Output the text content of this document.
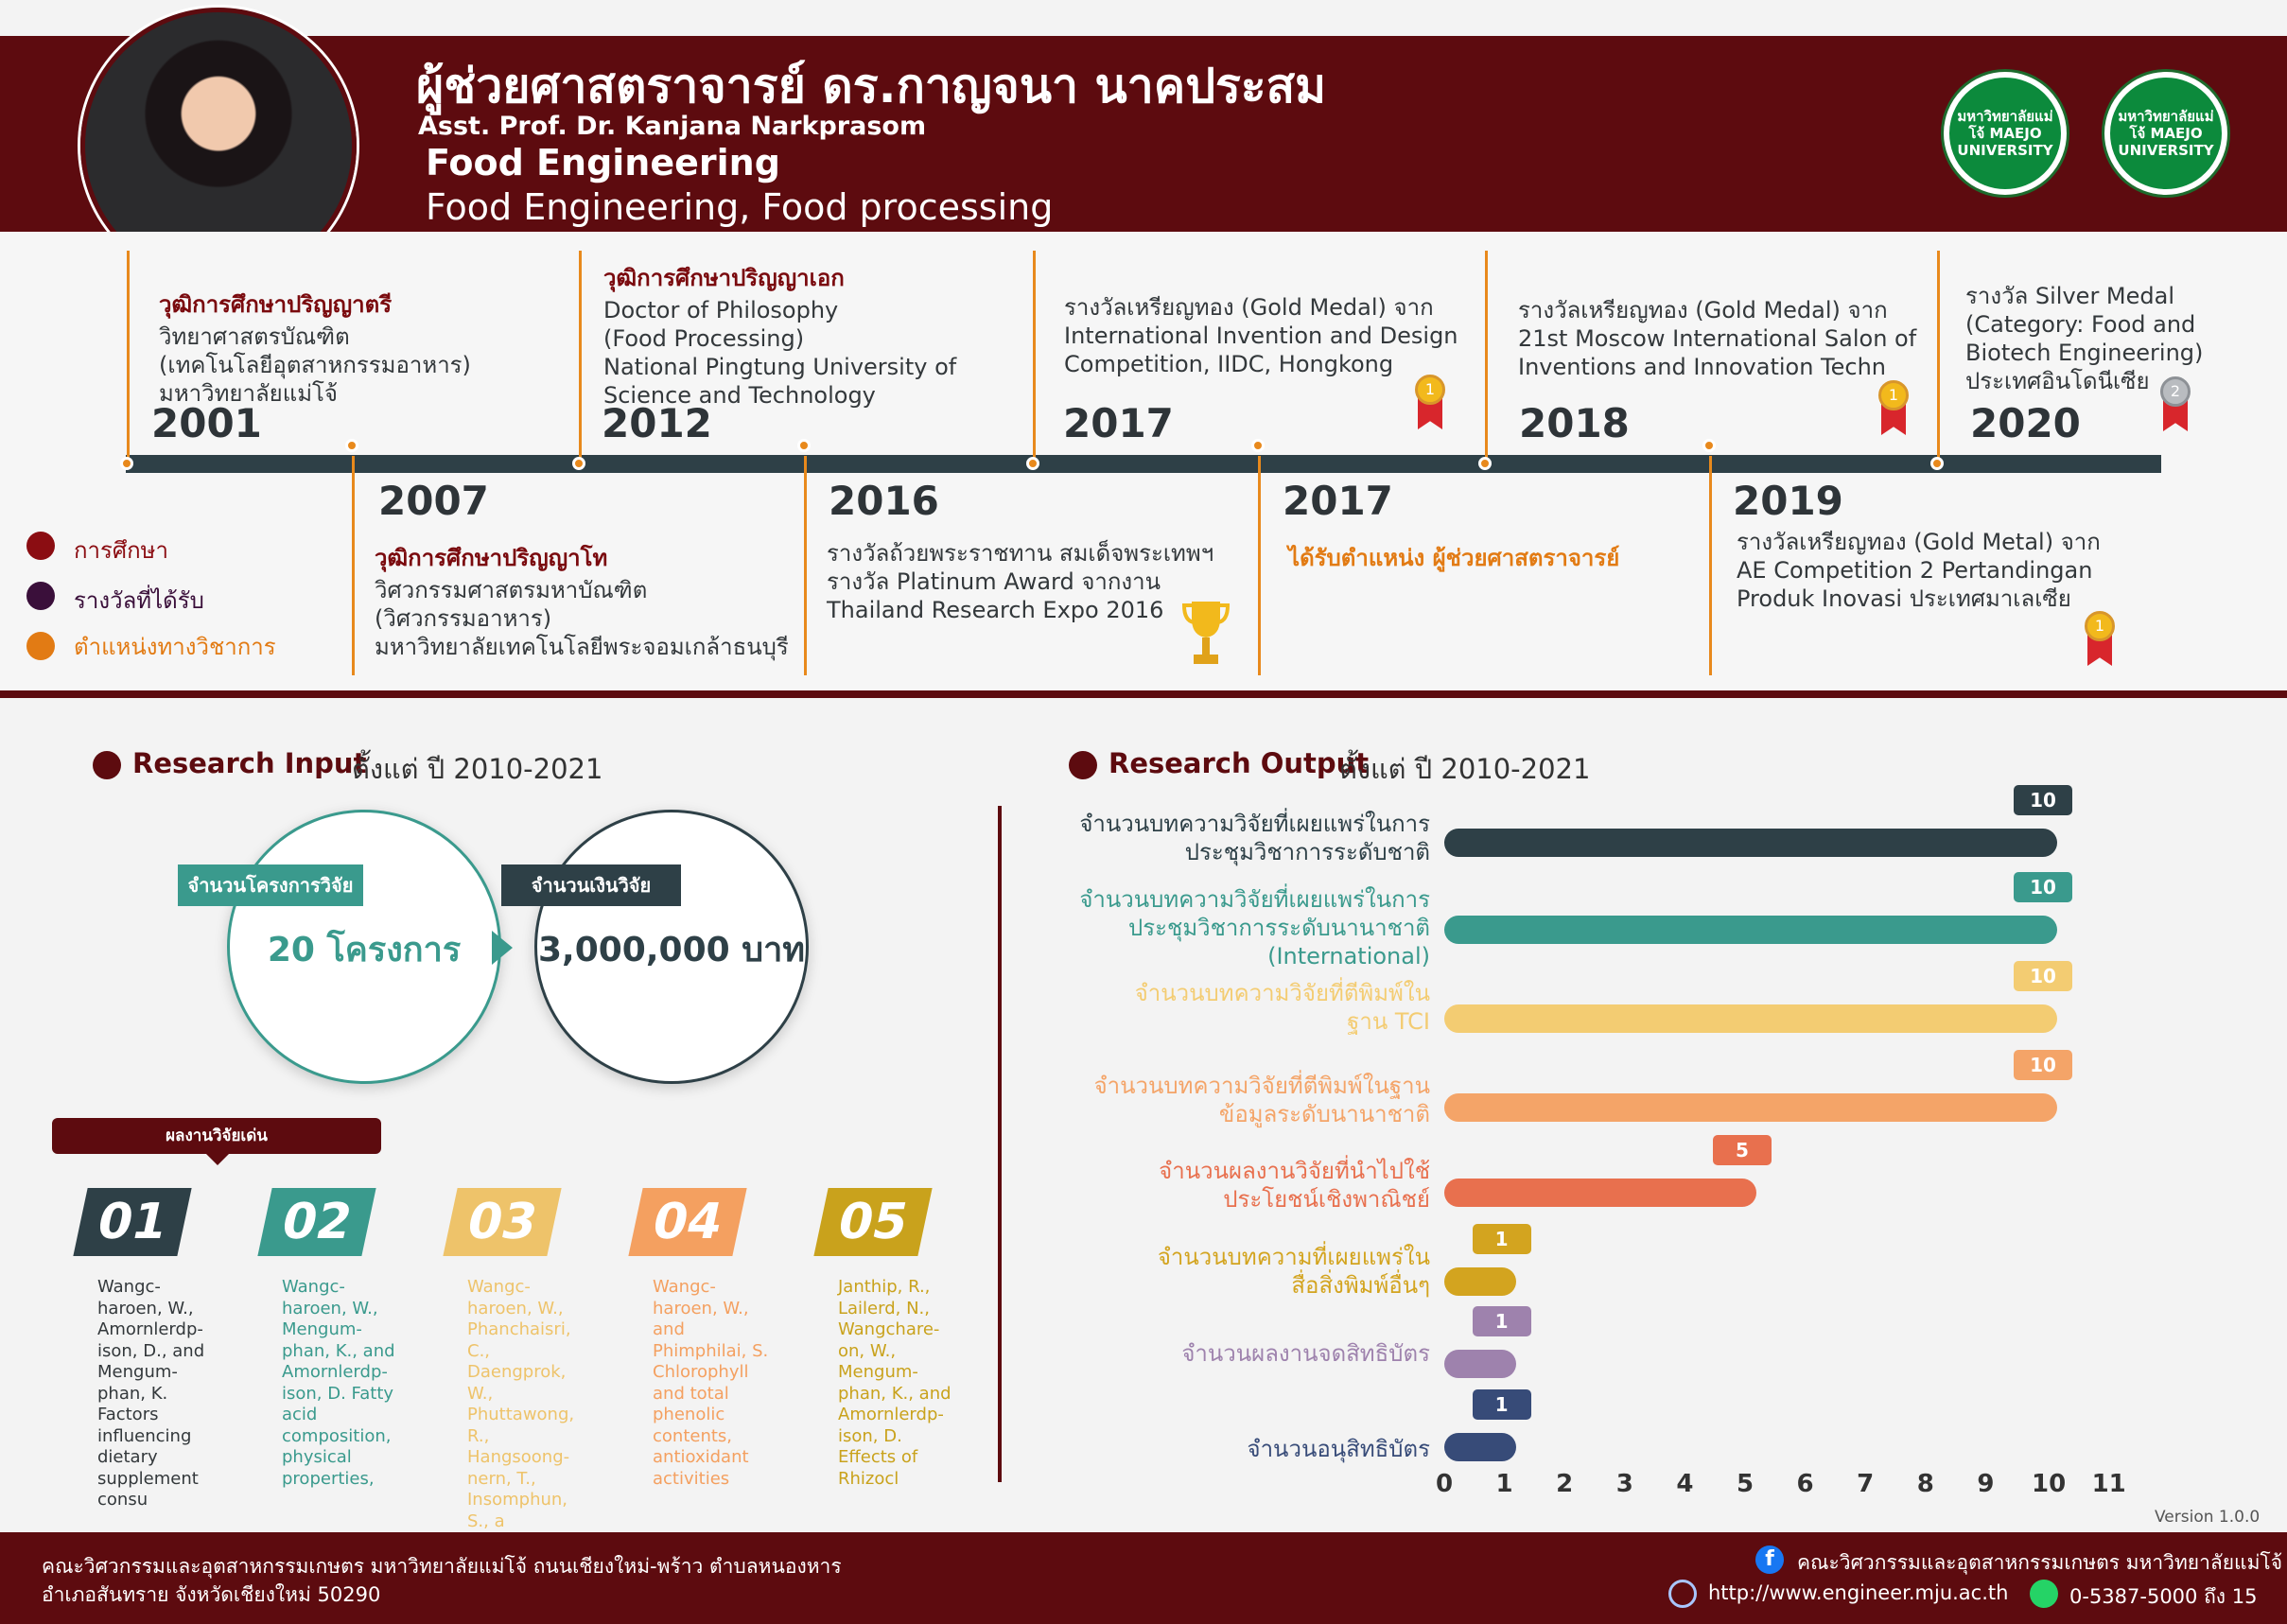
ผู้ช่วยศาสตราจารย์ ดร.กาญจนา นาคประสม
Asst. Prof. Dr. Kanjana Narkprasom
Food Engineering
Food Engineering, Food processing
มหาวิทยาลัยแม่โจ้ MAEJO UNIVERSITY
มหาวิทยาลัยแม่โจ้ MAEJO UNIVERSITY
วุฒิการศึกษาปริญญาตรี
วิทยาศาสตรบัณฑิต
(เทคโนโลยีอุตสาหกรรมอาหาร)
มหาวิทยาลัยแม่โจ้
2001
วุฒิการศึกษาปริญญาเอก
Doctor of Philosophy
(Food Processing)
National Pingtung University of
Science and Technology
2012
รางวัลเหรียญทอง (Gold Medal) จาก
International Invention and Design
Competition, IIDC, Hongkong
2017
รางวัลเหรียญทอง (Gold Medal) จาก
21st Moscow International Salon of
Inventions and Innovation Techn
2018
รางวัล Silver Medal
(Category: Food and
Biotech Engineering)
ประเทศอินโดนีเซีย
2020
2007
วุฒิการศึกษาปริญญาโท
วิศวกรรมศาสตรมหาบัณฑิต
(วิศวกรรมอาหาร)
มหาวิทยาลัยเทคโนโลยีพระจอมเกล้าธนบุรี
2016
รางวัลถ้วยพระราชทาน สมเด็จพระเทพฯ
รางวัล Platinum Award จากงาน
Thailand Research Expo 2016
2017
ได้รับตำแหน่ง ผู้ช่วยศาสตราจารย์
2019
รางวัลเหรียญทอง (Gold Metal) จาก
AE Competition 2 Pertandingan
Produk Inovasi ประเทศมาเลเซีย
1	1	2
1
การศึกษา
รางวัลที่ได้รับ
ตำแหน่งทางวิชาการ
Research Input
ตั้งแต่ ปี 2010-2021
จำนวนโครงการวิจัย	จำนวนเงินวิจัย
20 โครงการ	3,000,000 บาท
ผลงานวิจัยเด่น
01
Wangc-haroen, W., Amornlerdp-ison, D., and Mengum-phan, K. Factors influencing dietary supplement consu
02
Wangc-haroen, W., Mengum-phan, K., and Amornlerdp-ison, D. Fatty acid composition, physical properties,
03
Wangc-haroen, W., Phanchaisri, C., Daengprok, W., Phuttawong, R., Hangsoong-nern, T., Insomphun, S., a
04
Wangc-haroen, W., and Phimphilai, S. Chlorophyll and total phenolic contents, antioxidant activities
05
Janthip, R., Lailerd, N., Wangchare-on, W., Mengum-phan, K., and Amornlerdp-ison, D. Effects of Rhizocl
Research Output
ตั้งแต่ ปี 2010-2021
10
จำนวนบทความวิจัยที่เผยแพร่ในการ
ประชุมวิชาการระดับชาติ
10
จำนวนบทความวิจัยที่เผยแพร่ในการ
ประชุมวิชาการระดับนานาชาติ
(International)
10
จำนวนบทความวิจัยที่ตีพิมพ์ใน
ฐาน TCI
10
จำนวนบทความวิจัยที่ตีพิมพ์ในฐาน
ข้อมูลระดับนานาชาติ
5
จำนวนผลงานวิจัยที่นำไปใช้
ประโยชน์เชิงพาณิชย์
1
จำนวนบทความที่เผยแพร่ใน
สื่อสิ่งพิมพ์อื่นๆ
1
จำนวนผลงานจดสิทธิบัตร
1
จำนวนอนุสิทธิบัตร
0 1 2 3 4 5 6 7 8 9 10 11
Version 1.0.0
คณะวิศวกรรมและอุตสาหกรรมเกษตร มหาวิทยาลัยแม่โจ้ ถนนเชียงใหม่-พร้าว ตำบลหนองหาร
อำเภอสันทราย จังหวัดเชียงใหม่ 50290
f	คณะวิศวกรรมและอุตสาหกรรมเกษตร มหาวิทยาลัยแม่โจ้
http://www.engineer.mju.ac.th	0-5387-5000 ถึง 15
